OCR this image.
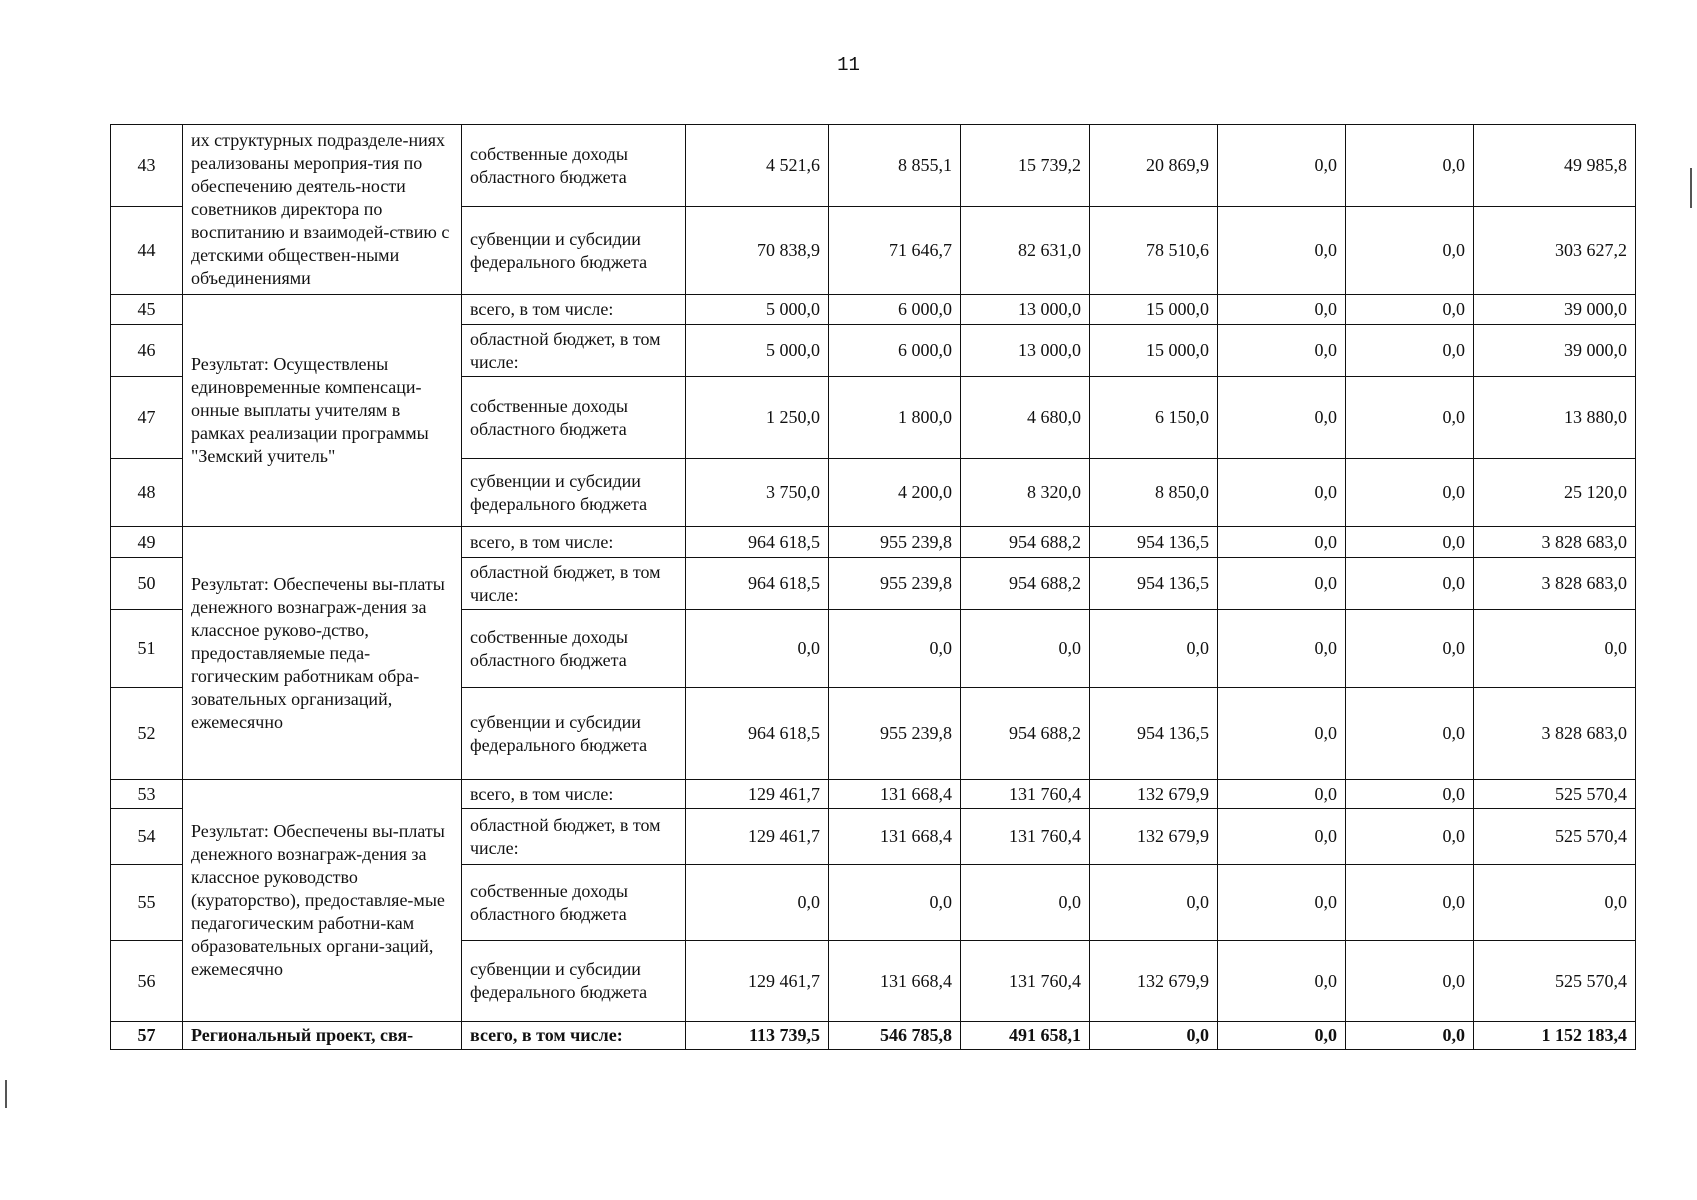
11
43	их структурных подразделе-ниях реализованы мероприя-тия по обеспечению деятель-ности советников директора по воспитанию и взаимодей-ствию с детскими обществен-ными объединениями	собственные доходы областного бюджета	4 521,6	8 855,1	15 739,2	20 869,9	0,0	0,0	49 985,8
44		субвенции и субсидии федерального бюджета	70 838,9	71 646,7	82 631,0	78 510,6	0,0	0,0	303 627,2
45	Результат: Осуществлены единовременные компенсаци-онные выплаты учителям в рамках реализации программы "Земский учитель"	всего, в том числе:	5 000,0	6 000,0	13 000,0	15 000,0	0,0	0,0	39 000,0
46		областной бюджет, в том числе:	5 000,0	6 000,0	13 000,0	15 000,0	0,0	0,0	39 000,0
47		собственные доходы областного бюджета	1 250,0	1 800,0	4 680,0	6 150,0	0,0	0,0	13 880,0
48		субвенции и субсидии федерального бюджета	3 750,0	4 200,0	8 320,0	8 850,0	0,0	0,0	25 120,0
49	Результат: Обеспечены вы-платы денежного вознаграж-дения за классное руково-дство, предоставляемые педа-гогическим работникам обра-зовательных организаций, ежемесячно	всего, в том числе:	964 618,5	955 239,8	954 688,2	954 136,5	0,0	0,0	3 828 683,0
50		областной бюджет, в том числе:	964 618,5	955 239,8	954 688,2	954 136,5	0,0	0,0	3 828 683,0
51		собственные доходы областного бюджета	0,0	0,0	0,0	0,0	0,0	0,0	0,0
52		субвенции и субсидии федерального бюджета	964 618,5	955 239,8	954 688,2	954 136,5	0,0	0,0	3 828 683,0
53	Результат: Обеспечены вы-платы денежного вознаграж-дения за классное руководство (кураторство), предоставляе-мые педагогическим работни-кам образовательных органи-заций, ежемесячно	всего, в том числе:	129 461,7	131 668,4	131 760,4	132 679,9	0,0	0,0	525 570,4
54		областной бюджет, в том числе:	129 461,7	131 668,4	131 760,4	132 679,9	0,0	0,0	525 570,4
55		собственные доходы областного бюджета	0,0	0,0	0,0	0,0	0,0	0,0	0,0
56		субвенции и субсидии федерального бюджета	129 461,7	131 668,4	131 760,4	132 679,9	0,0	0,0	525 570,4
57	Региональный проект, свя-	всего, в том числе:	113 739,5	546 785,8	491 658,1	0,0	0,0	0,0	1 152 183,4
